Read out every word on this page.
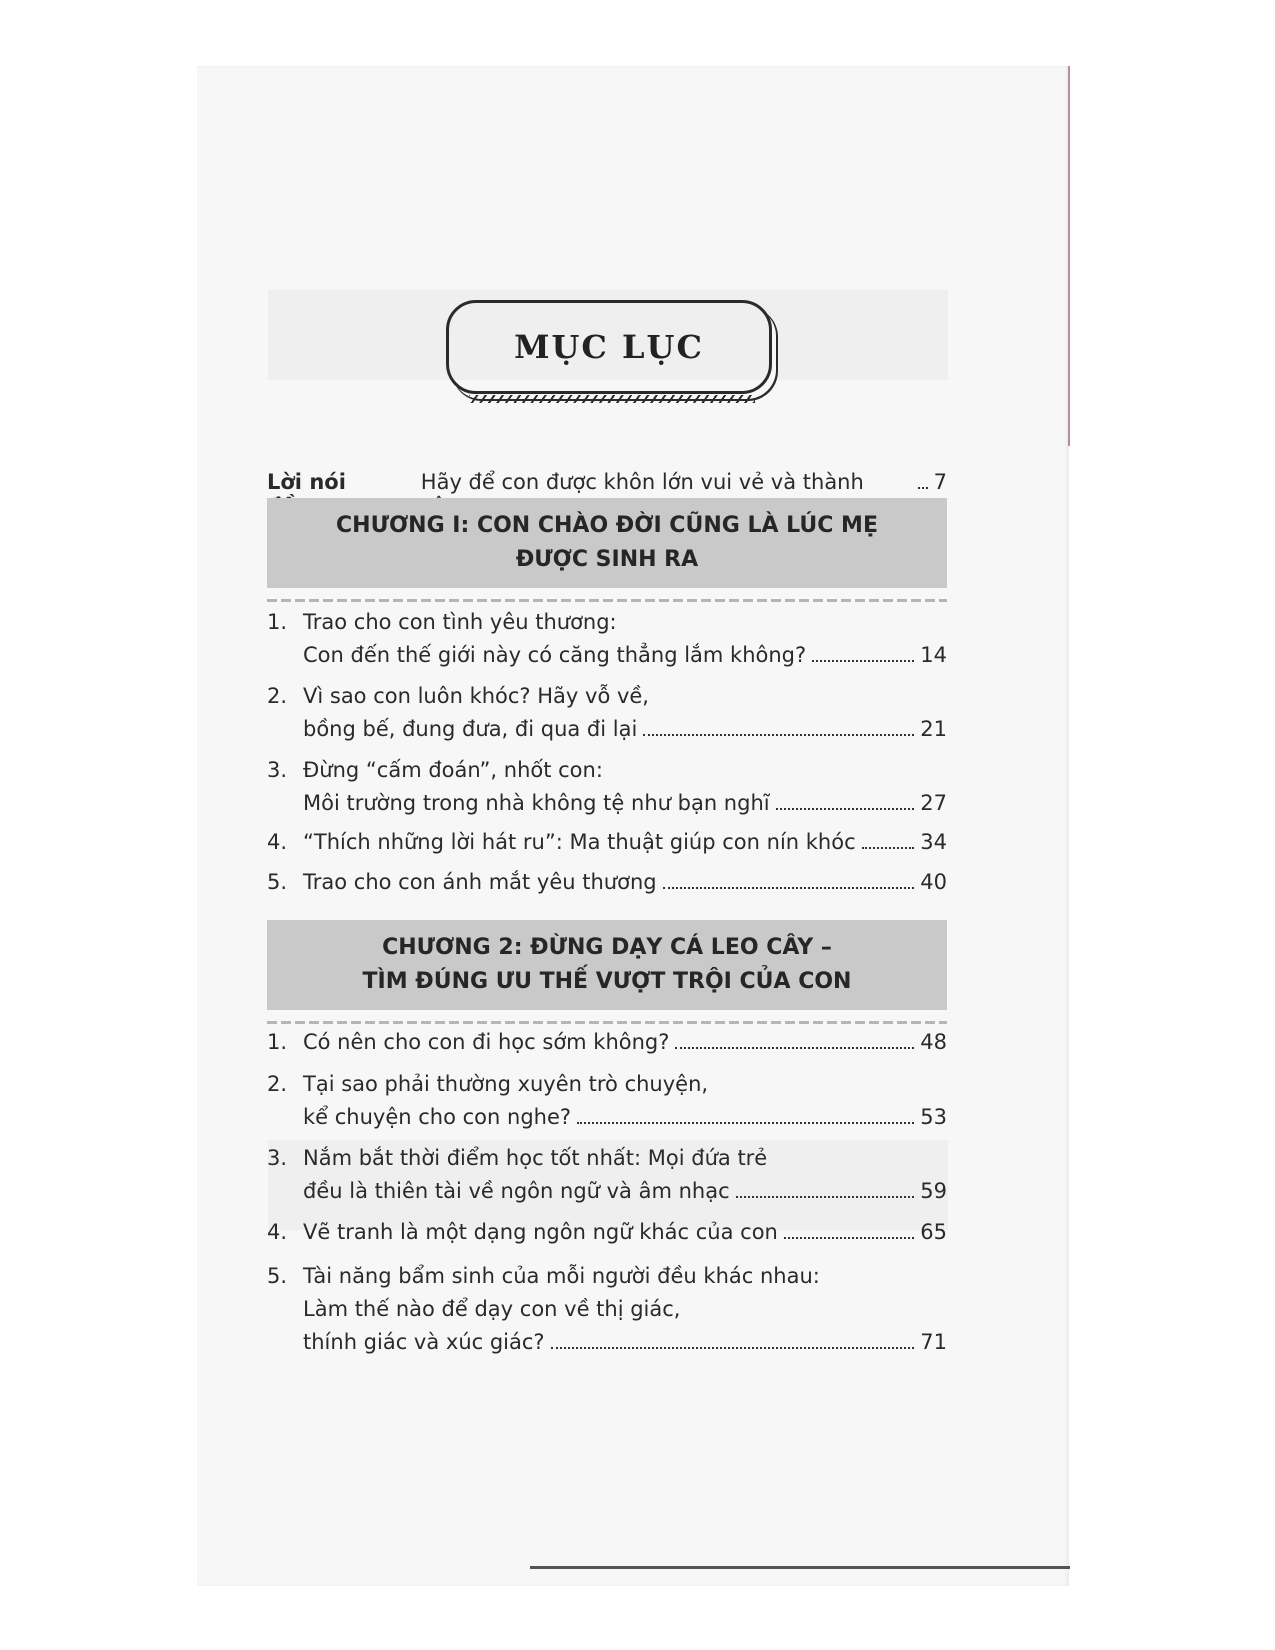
MỤC LỤC
Lời nói	Hãy để con được khôn lớn vui vẻ và thành	7
CHƯƠNG I: CON CHÀO ĐỜI CŨNG LÀ LÚC MẸ
ĐƯỢC SINH RA
1. Trao cho con tình yêu thương:
Con đến thế giới này có căng thẳng lắm không?	14
2. Vì sao con luôn khóc? Hãy vỗ về,
bồng bế, đung đưa, đi qua đi lại	21
3. Đừng “cấm đoán”, nhốt con:
Môi trường trong nhà không tệ như bạn nghĩ	27
4. “Thích những lời hát ru”: Ma thuật giúp con nín khóc	34
5. Trao cho con ánh mắt yêu thương	40
CHƯƠNG 2: ĐỪNG DẠY CÁ LEO CÂY –
TÌM ĐÚNG ƯU THẾ VƯỢT TRỘI CỦA CON
1. Có nên cho con đi học sớm không?	48
2. Tại sao phải thường xuyên trò chuyện,
kể chuyện cho con nghe?	53
3. Nắm bắt thời điểm học tốt nhất: Mọi đứa trẻ
đều là thiên tài về ngôn ngữ và âm nhạc	59
4. Vẽ tranh là một dạng ngôn ngữ khác của con	65
5. Tài năng bẩm sinh của mỗi người đều khác nhau:
Làm thế nào để dạy con về thị giác,
thính giác và xúc giác?	71
